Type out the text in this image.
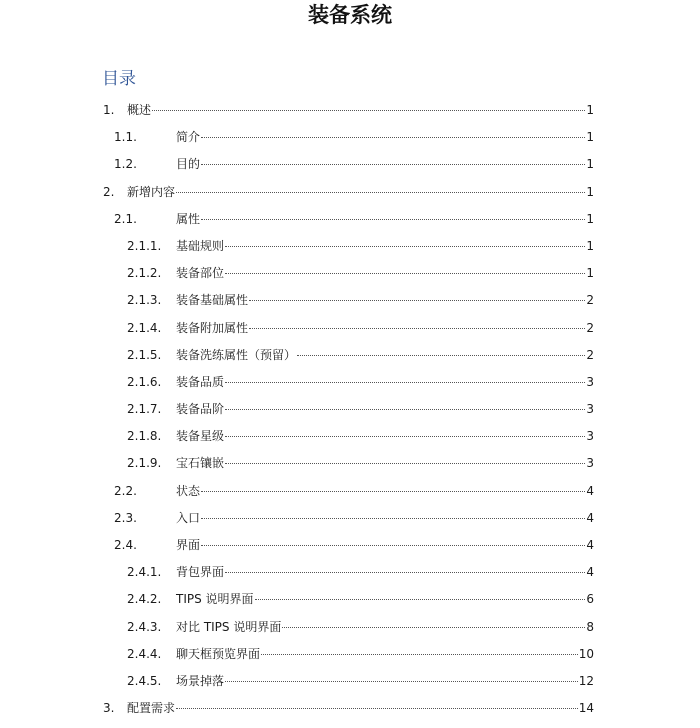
装备系统
目录
1. 概述	1
1.1.	简介	1
1.2.	目的	1
2. 新增内容	1
2.1.	属性	1
2.1.1. 基础规则	1
2.1.2. 装备部位	1
2.1.3. 装备基础属性	2
2.1.4. 装备附加属性	2
2.1.5. 装备洗练属性（预留）	2
2.1.6. 装备品质	3
2.1.7. 装备品阶	3
2.1.8. 装备星级	3
2.1.9. 宝石镶嵌	3
2.2.	状态	4
2.3.	入口	4
2.4.	界面	4
2.4.1. 背包界面	4
2.4.2. TIPS 说明界面	6
2.4.3. 对比 TIPS 说明界面	8
2.4.4. 聊天框预览界面	10
2.4.5. 场景掉落	12
3. 配置需求	14
